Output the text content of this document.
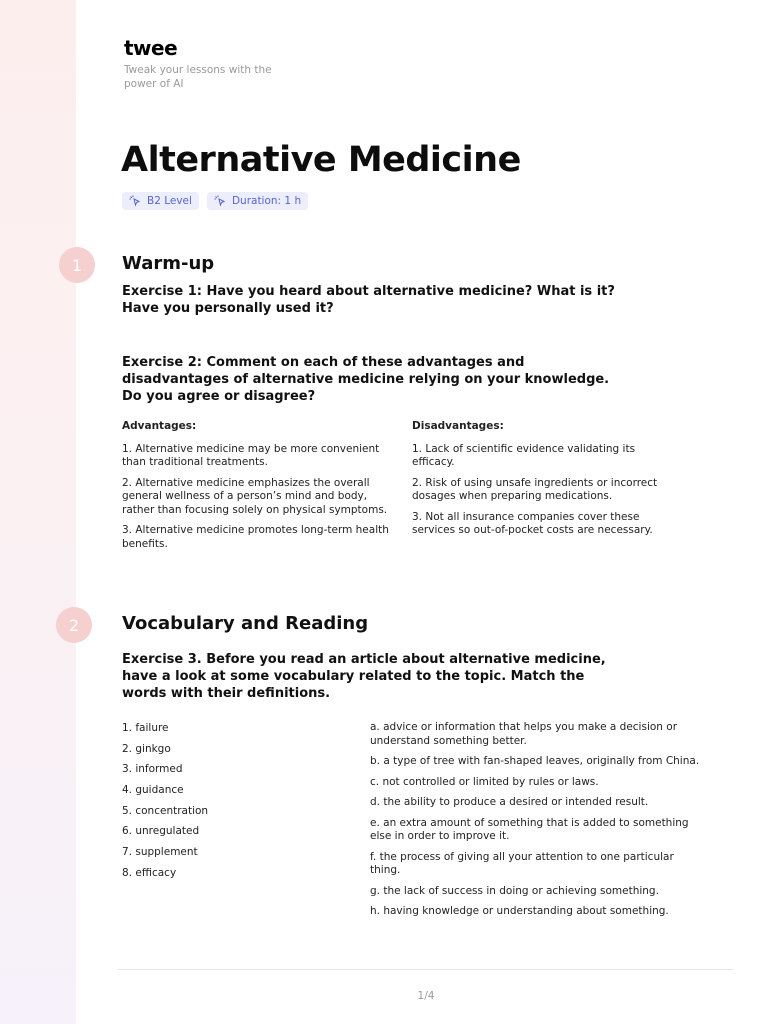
twee
Tweak your lessons with the power of AI
Alternative Medicine
B2 Level	Duration: 1 h
1	Warm-up

Exercise 1: Have you heard about alternative medicine? What is it? Have you personally used it?

Exercise 2: Comment on each of these advantages and disadvantages of alternative medicine relying on your knowledge. Do you agree or disagree?

Advantages:

1. Alternative medicine may be more convenient than traditional treatments.

2. Alternative medicine emphasizes the overall general wellness of a person’s mind and body, rather than focusing solely on physical symptoms.

3. Alternative medicine promotes long-term health benefits.

Disadvantages:

1. Lack of scientific evidence validating its efficacy.

2. Risk of using unsafe ingredients or incorrect dosages when preparing medications.

3. Not all insurance companies cover these services so out-of-pocket costs are necessary.

2	Vocabulary and Reading

Exercise 3. Before you read an article about alternative medicine, have a look at some vocabulary related to the topic. Match the words with their definitions.

1. failure
2. ginkgo
3. informed
4. guidance
5. concentration
6. unregulated
7. supplement
8. efficacy

a. advice or information that helps you make a decision or understand something better.

b. a type of tree with fan-shaped leaves, originally from China.

c. not controlled or limited by rules or laws.

d. the ability to produce a desired or intended result.

e. an extra amount of something that is added to something else in order to improve it.

f. the process of giving all your attention to one particular thing.

g. the lack of success in doing or achieving something.

h. having knowledge or understanding about something.

1/4
